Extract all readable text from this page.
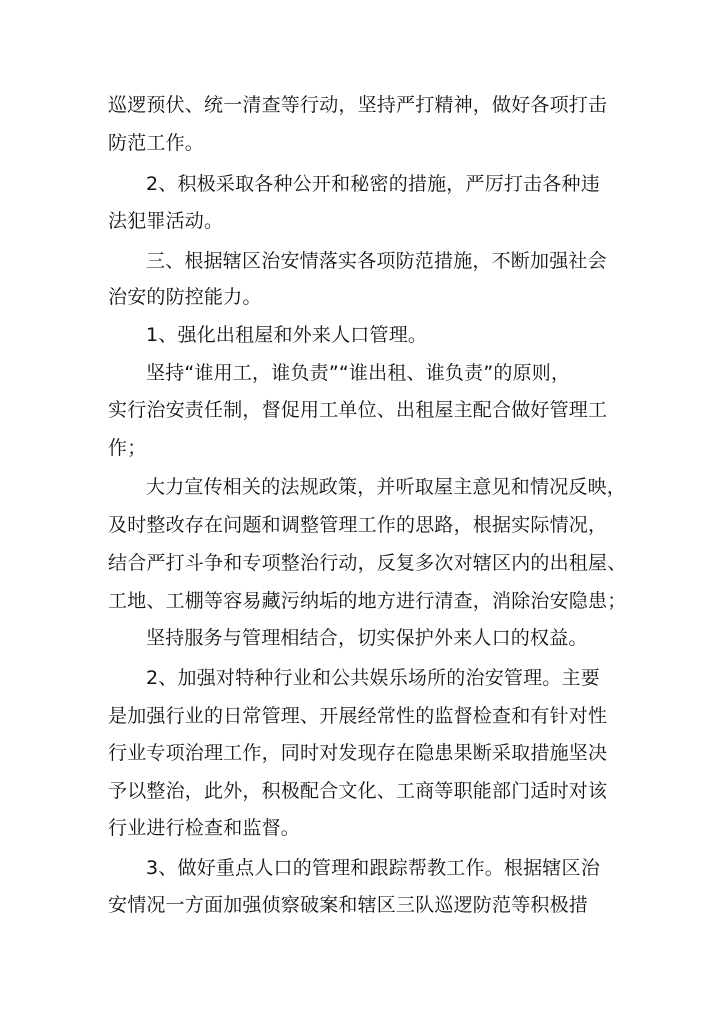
巡逻预伏、统一清查等行动，坚持严打精神，做好各项打击
防范工作。
2、积极采取各种公开和秘密的措施，严厉打击各种违
法犯罪活动。
三、根据辖区治安情落实各项防范措施，不断加强社会
治安的防控能力。
1、强化出租屋和外来人口管理。
坚持“谁用工，谁负责”“谁出租、谁负责”的原则，
实行治安责任制，督促用工单位、出租屋主配合做好管理工
作；
大力宣传相关的法规政策，并听取屋主意见和情况反映，
及时整改存在问题和调整管理工作的思路，根据实际情况，
结合严打斗争和专项整治行动，反复多次对辖区内的出租屋、
工地、工棚等容易藏污纳垢的地方进行清查，消除治安隐患；
坚持服务与管理相结合，切实保护外来人口的权益。
2、加强对特种行业和公共娱乐场所的治安管理。主要
是加强行业的日常管理、开展经常性的监督检查和有针对性
行业专项治理工作，同时对发现存在隐患果断采取措施坚决
予以整治，此外，积极配合文化、工商等职能部门适时对该
行业进行检查和监督。
3、做好重点人口的管理和跟踪帮教工作。根据辖区治
安情况一方面加强侦察破案和辖区三队巡逻防范等积极措
